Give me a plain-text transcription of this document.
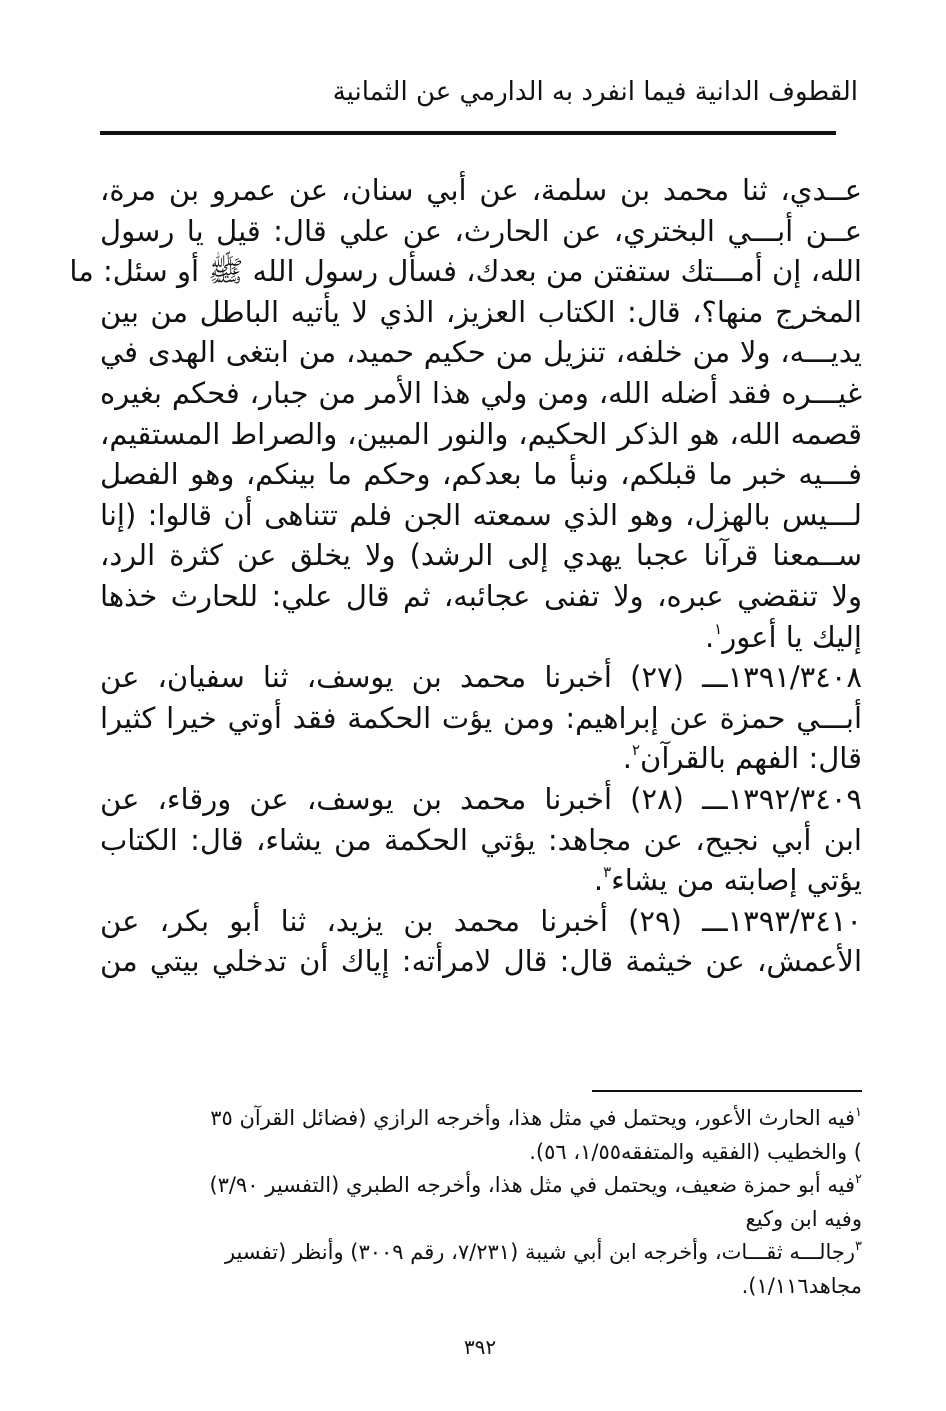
القطوف الدانية فيما انفرد به الدارمي عن الثمانية
عــدي، ثنا محمد بن سلمة، عن أبي سنان، عن عمرو بن مرة،
عــن أبـــي البختري، عن الحارث، عن علي قال: قيل يا رسول
الله، إن أمـــتك ستفتن من بعدك، فسأل رسول الله ﷺ أو سئل: ما
المخرج منها؟، قال: الكتاب العزيز، الذي لا يأتيه الباطل من بين
يديـــه، ولا من خلفه، تنزيل من حكيم حميد، من ابتغى الهدى في
غيـــره فقد أضله الله، ومن ولي هذا الأمر من جبار، فحكم بغيره
قصمه الله، هو الذكر الحكيم، والنور المبين، والصراط المستقيم،
فـــيه خبر ما قبلكم، ونبأ ما بعدكم، وحكم ما بينكم، وهو الفصل
لـــيس بالهزل، وهو الذي سمعته الجن فلم تتناهى أن قالوا: (إنا
ســمعنا قرآنا عجبا يهدي إلى الرشد) ولا يخلق عن كثرة الرد،
ولا تنقضي عبره، ولا تفنى عجائبه، ثم قال علي: للحارث خذها
إليك يا أعور$^١$.
١٣٩١/٣٤٠٨ـــ (٢٧) أخبرنا محمد بن يوسف، ثنا سفيان، عن
أبـــي حمزة عن إبراهيم: ومن يؤت الحكمة فقد أوتي خيرا كثيرا
قال: الفهم بالقرآن$^٢$.
١٣٩٢/٣٤٠٩ـــ (٢٨) أخبرنا محمد بن يوسف، عن ورقاء، عن
ابن أبي نجيح، عن مجاهد: يؤتي الحكمة من يشاء، قال: الكتاب
يؤتي إصابته من يشاء$^٣$.
١٣٩٣/٣٤١٠ـــ (٢٩) أخبرنا محمد بن يزيد، ثنا أبو بكر، عن
الأعمش، عن خيثمة قال: قال لامرأته: إياك أن تدخلي بيتي من
$^١$فيه الحارث الأعور، ويحتمل في مثل هذا، وأخرجه الرازي (فضائل القرآن ٣٥
) والخطيب (الفقيه والمتفقه١/٥٥، ٥٦).
$^٢$فيه أبو حمزة ضعيف، ويحتمل في مثل هذا، وأخرجه الطبري (التفسير ٣/٩٠)
وفيه ابن وكيع
$^٣$رجالـــه ثقـــات، وأخرجه ابن أبي شيبة (٧/٢٣١، رقم ٣٠٠٩) وأنظر (تفسير
مجاهد١/١١٦).
٣٩٢
